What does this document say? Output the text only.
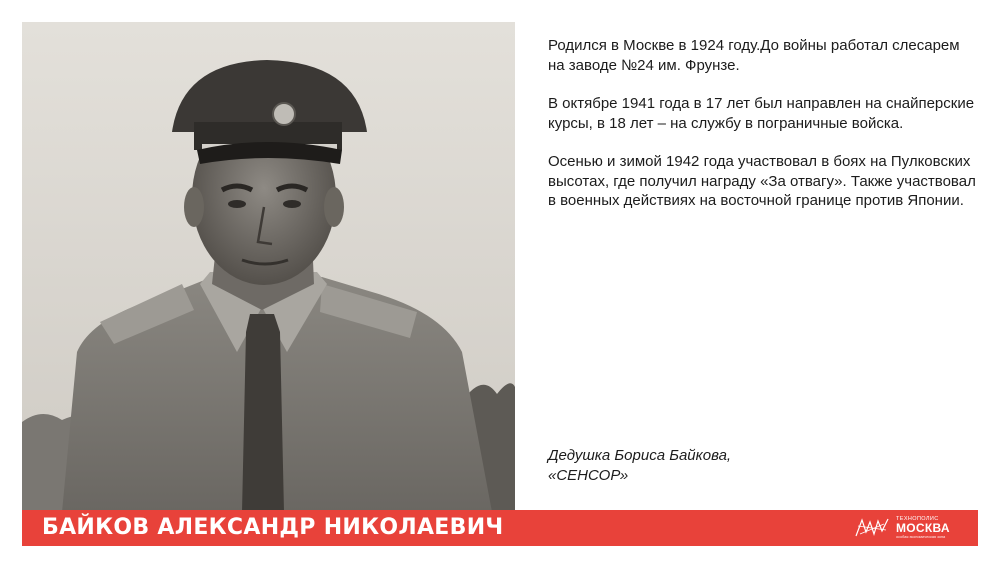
Родился в Москве в 1924 году.До войны работал слесарем на заводе №24 им. Фрунзе.

В октябре 1941 года в 17 лет был направлен на снайперские курсы, в 18 лет – на службу в пограничные войска.

Осенью и зимой 1942 года участвовал в боях на Пулковских высотах, где получил награду «За отвагу». Также участвовал в военных действиях на восточной границе против Японии.

Дедушка Бориса Байкова,
«СЕНСОР»
БАЙКОВ АЛЕКСАНДР НИКОЛАЕВИЧ	ТЕХНОПОЛИС
МОСКВА
особая экономическая зона
